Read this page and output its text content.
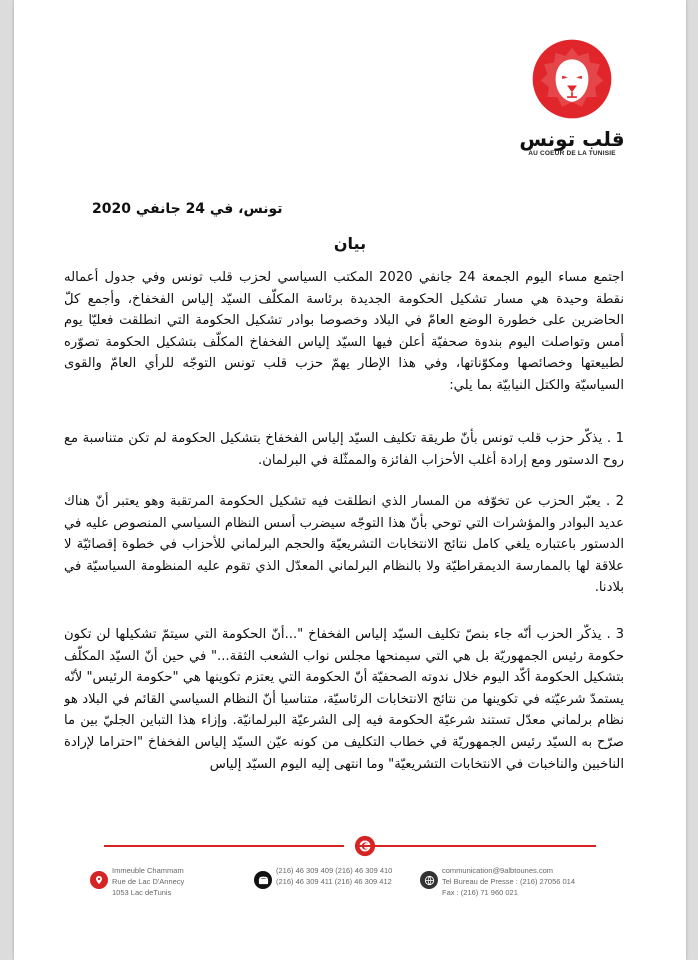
قلب تونس
AU COEUR DE LA TUNISIE
تونس، في 24 جانفي 2020
بيان

اجتمع مساء اليوم الجمعة 24 جانفي 2020 المكتب السياسي لحزب قلب تونس وفي جدول أعماله نقطة وحيدة هي مسار تشكيل الحكومة الجديدة برئاسة المكلّف السيّد إلياس الفخفاخ، وأجمع كلّ الحاضرين على خطورة الوضع العامّ في البلاد وخصوصا بوادر تشكيل الحكومة التي انطلقت فعليّا يوم أمس وتواصلت اليوم بندوة صحفيّة أعلن فيها السيّد إلياس الفخفاخ المكلّف بتشكيل الحكومة تصوّره لطبيعتها وخصائصها ومكوّناتها، وفي هذا الإطار يهمّ حزب قلب تونس التوجّه للرأي العامّ والقوى السياسيّة والكتل النيابيّة بما يلي:

1 . يذكّر حزب قلب تونس بأنّ طريقة تكليف السيّد إلياس الفخفاخ بتشكيل الحكومة لم تكن متناسبة مع روح الدستور ومع إرادة أغلب الأحزاب الفائزة والممثّلة في البرلمان.

2 . يعبّر الحزب عن تخوّفه من المسار الذي انطلقت فيه تشكيل الحكومة المرتقبة وهو يعتبر أنّ هناك عديد البوادر والمؤشرات التي توحي بأنّ هذا التوجّه سيضرب أسس النظام السياسي المنصوص عليه في الدستور باعتباره يلغي كامل نتائج الانتخابات التشريعيّة والحجم البرلماني للأحزاب في خطوة إقصائيّة لا علاقة لها بالممارسة الديمقراطيّة ولا بالنظام البرلماني المعدّل الذي تقوم عليه المنظومة السياسيّة في بلادنا.

3 . يذكّر الحزب أنّه جاء بنصّ تكليف السيّد إلياس الفخفاخ "...أنّ الحكومة التي سيتمّ تشكيلها لن تكون حكومة رئيس الجمهوريّة بل هي التي سيمنحها مجلس نواب الشعب الثقة..." في حين أنّ السيّد المكلّف بتشكيل الحكومة أكّد اليوم خلال ندوته الصحفيّة أنّ الحكومة التي يعتزم تكوينها هي "حكومة الرئيس" لأنّه يستمدّ شرعيّته في تكوينها من نتائج الانتخابات الرئاسيّة، متناسيا أنّ النظام السياسي القائم في البلاد هو نظام برلماني معدّل تستند شرعيّة الحكومة فيه إلى الشرعيّة البرلمانيّة. وإزاء هذا التباين الجليّ بين ما صرّح به السيّد رئيس الجمهوريّة في خطاب التكليف من كونه عيّن السيّد إلياس الفخفاخ "احتراما لإرادة الناخبين والناخبات في الانتخابات التشريعيّة" وما انتهى إليه اليوم السيّد إلياس

Immeuble Chammam
Rue de Lac D'Annecy
1053 Lac deTunis
(216) 46 309 409 (216) 46 309 410
(216) 46 309 411 (216) 46 309 412
communication@9albtounes.com
Tel Bureau de Presse : (216) 27056 014
Fax : (216) 71 960 021
